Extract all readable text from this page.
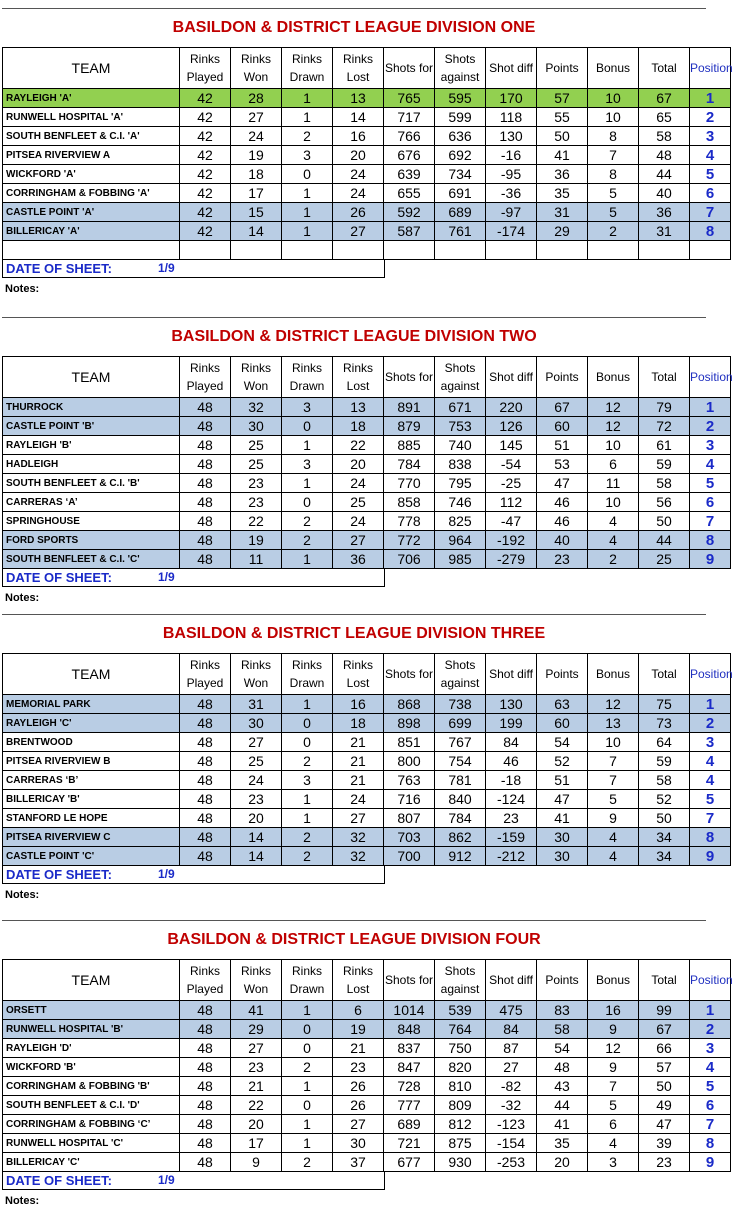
BASILDON & DISTRICT LEAGUE DIVISION ONE
TEAM	Rinks Played	Rinks Won	Rinks Drawn	Rinks Lost	Shots for	Shots against	Shot diff	Points	Bonus	Total	Position
RAYLEIGH 'A'	42	28	1	13	765	595	170	57	10	67	1
RUNWELL HOSPITAL 'A'	42	27	1	14	717	599	118	55	10	65	2
SOUTH BENFLEET & C.I. 'A'	42	24	2	16	766	636	130	50	8	58	3
PITSEA RIVERVIEW A	42	19	3	20	676	692	-16	41	7	48	4
WICKFORD 'A'	42	18	0	24	639	734	-95	36	8	44	5
CORRINGHAM & FOBBING 'A'	42	17	1	24	655	691	-36	35	5	40	6
CASTLE POINT 'A'	42	15	1	26	592	689	-97	31	5	36	7
BILLERICAY 'A'	42	14	1	27	587	761	-174	29	2	31	8

DATE OF SHEET:	1/9
Notes:
BASILDON & DISTRICT LEAGUE DIVISION TWO
TEAM	Rinks Played	Rinks Won	Rinks Drawn	Rinks Lost	Shots for	Shots against	Shot diff	Points	Bonus	Total	Position
THURROCK	48	32	3	13	891	671	220	67	12	79	1
CASTLE POINT 'B'	48	30	0	18	879	753	126	60	12	72	2
RAYLEIGH 'B'	48	25	1	22	885	740	145	51	10	61	3
HADLEIGH	48	25	3	20	784	838	-54	53	6	59	4
SOUTH BENFLEET & C.I. 'B'	48	23	1	24	770	795	-25	47	11	58	5
CARRERAS ‘A’	48	23	0	25	858	746	112	46	10	56	6
SPRINGHOUSE	48	22	2	24	778	825	-47	46	4	50	7
FORD SPORTS	48	19	2	27	772	964	-192	40	4	44	8
SOUTH BENFLEET & C.I. 'C'	48	11	1	36	706	985	-279	23	2	25	9
DATE OF SHEET:	1/9
Notes:
BASILDON & DISTRICT LEAGUE DIVISION THREE
TEAM	Rinks Played	Rinks Won	Rinks Drawn	Rinks Lost	Shots for	Shots against	Shot diff	Points	Bonus	Total	Position
MEMORIAL PARK	48	31	1	16	868	738	130	63	12	75	1
RAYLEIGH 'C'	48	30	0	18	898	699	199	60	13	73	2
BRENTWOOD	48	27	0	21	851	767	84	54	10	64	3
PITSEA RIVERVIEW B	48	25	2	21	800	754	46	52	7	59	4
CARRERAS ‘B’	48	24	3	21	763	781	-18	51	7	58	4
BILLERICAY 'B'	48	23	1	24	716	840	-124	47	5	52	5
STANFORD LE HOPE	48	20	1	27	807	784	23	41	9	50	7
PITSEA RIVERVIEW C	48	14	2	32	703	862	-159	30	4	34	8
CASTLE POINT 'C'	48	14	2	32	700	912	-212	30	4	34	9
DATE OF SHEET:	1/9
Notes:
BASILDON & DISTRICT LEAGUE DIVISION FOUR
TEAM	Rinks Played	Rinks Won	Rinks Drawn	Rinks Lost	Shots for	Shots against	Shot diff	Points	Bonus	Total	Position
ORSETT	48	41	1	6	1014	539	475	83	16	99	1
RUNWELL HOSPITAL 'B'	48	29	0	19	848	764	84	58	9	67	2
RAYLEIGH 'D'	48	27	0	21	837	750	87	54	12	66	3
WICKFORD 'B'	48	23	2	23	847	820	27	48	9	57	4
CORRINGHAM & FOBBING 'B'	48	21	1	26	728	810	-82	43	7	50	5
SOUTH BENFLEET & C.I. 'D'	48	22	0	26	777	809	-32	44	5	49	6
CORRINGHAM & FOBBING ‘C’	48	20	1	27	689	812	-123	41	6	47	7
RUNWELL HOSPITAL 'C'	48	17	1	30	721	875	-154	35	4	39	8
BILLERICAY 'C'	48	9	2	37	677	930	-253	20	3	23	9
DATE OF SHEET:	1/9
Notes:
